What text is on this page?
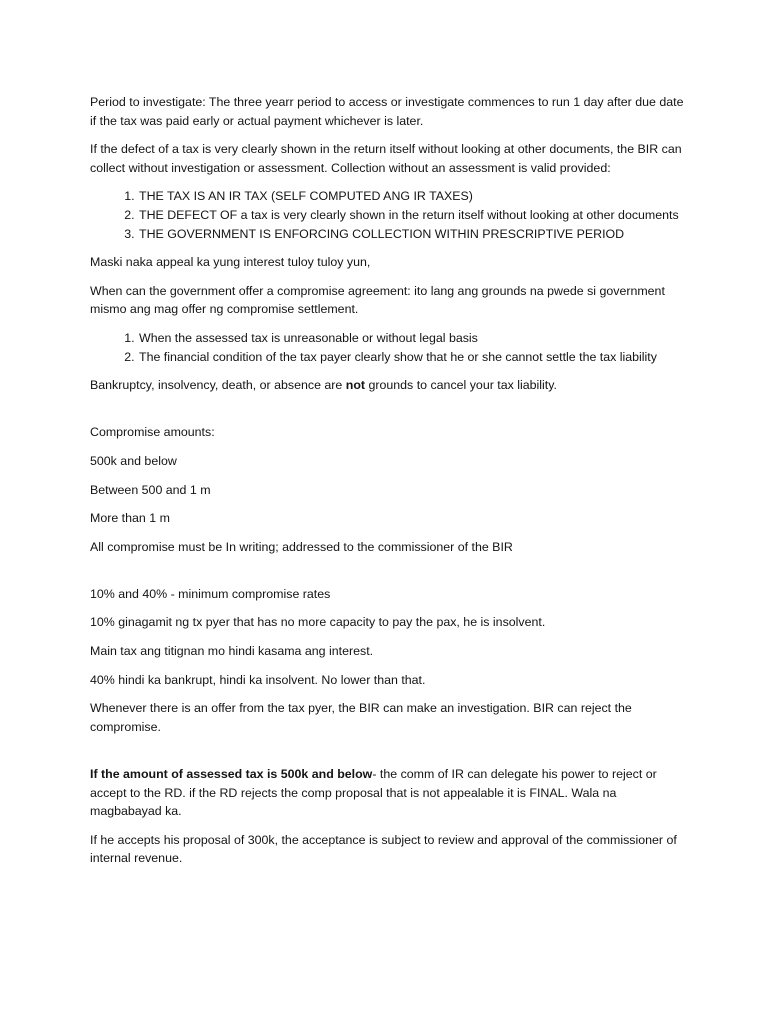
Period to investigate: The three yearr period to access or investigate commences to run 1 day after due date if the tax was paid early or actual payment whichever is later.

If the defect of a tax is very clearly shown in the return itself without looking at other documents, the BIR can collect without investigation or assessment. Collection without an assessment is valid provided:

1. THE TAX IS AN IR TAX (SELF COMPUTED ANG IR TAXES)
2. THE DEFECT OF a tax is very clearly shown in the return itself without looking at other documents
3. THE GOVERNMENT IS ENFORCING COLLECTION WITHIN PRESCRIPTIVE PERIOD

Maski naka appeal ka yung interest tuloy tuloy yun,

When can the government offer a compromise agreement: ito lang ang grounds na pwede si government mismo ang mag offer ng compromise settlement.

1. When the assessed tax is unreasonable or without legal basis
2. The financial condition of the tax payer clearly show that he or she cannot settle the tax liability

Bankruptcy, insolvency, death, or absence are not grounds to cancel your tax liability.

Compromise amounts:

500k and below

Between 500 and 1 m

More than 1 m

All compromise must be In writing; addressed to the commissioner of the BIR

10% and 40% - minimum compromise rates

10% ginagamit ng tx pyer that has no more capacity to pay the pax, he is insolvent.

Main tax ang titignan mo hindi kasama ang interest.

40% hindi ka bankrupt, hindi ka insolvent. No lower than that.

Whenever there is an offer from the tax pyer, the BIR can make an investigation. BIR can reject the compromise.

If the amount of assessed tax is 500k and below- the comm of IR can delegate his power to reject or accept to the RD. if the RD rejects the comp proposal that is not appealable it is FINAL. Wala na magbabayad ka.

If he accepts his proposal of 300k, the acceptance is subject to review and approval of the commissioner of internal revenue.
